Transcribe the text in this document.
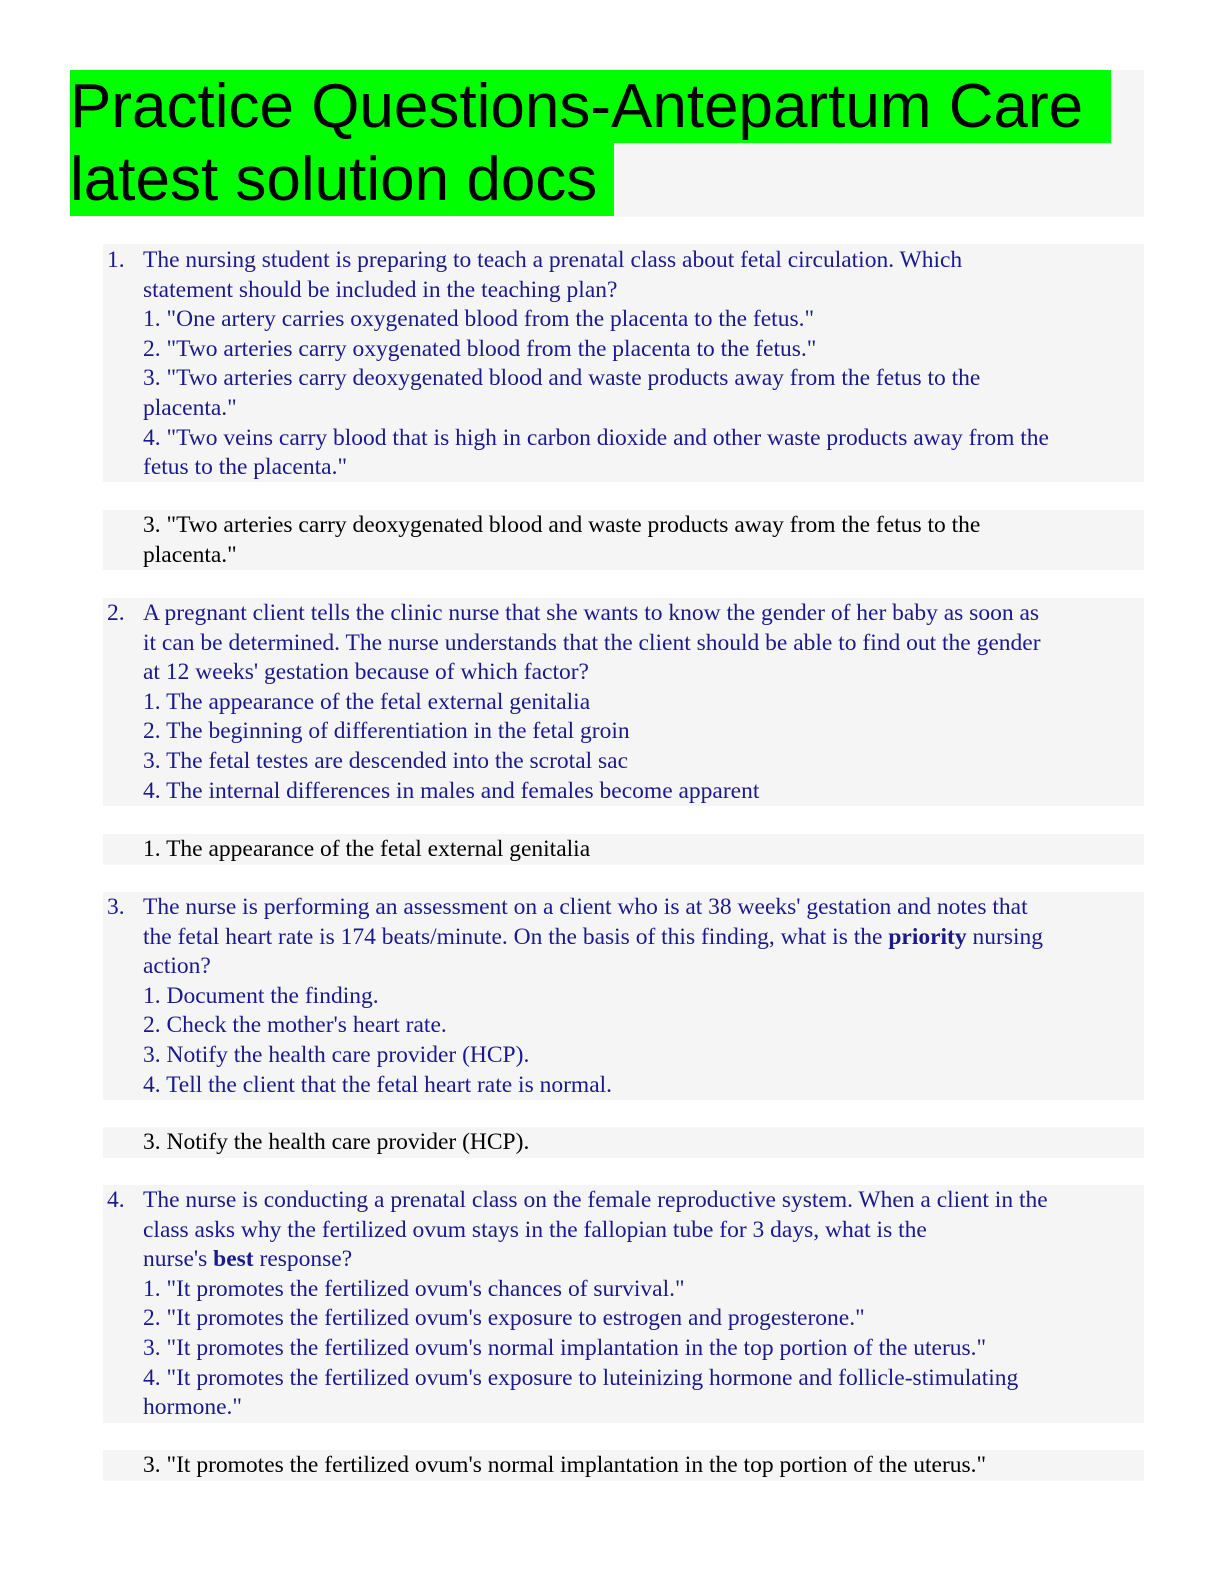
Practice Questions-Antepartum Care
latest solution docs
1. The nursing student is preparing to teach a prenatal class about fetal circulation. Which
statement should be included in the teaching plan?
1. "One artery carries oxygenated blood from the placenta to the fetus."
2. "Two arteries carry oxygenated blood from the placenta to the fetus."
3. "Two arteries carry deoxygenated blood and waste products away from the fetus to the
placenta."
4. "Two veins carry blood that is high in carbon dioxide and other waste products away from the
fetus to the placenta."
3. "Two arteries carry deoxygenated blood and waste products away from the fetus to the
placenta."
2. A pregnant client tells the clinic nurse that she wants to know the gender of her baby as soon as
it can be determined. The nurse understands that the client should be able to find out the gender
at 12 weeks' gestation because of which factor?
1. The appearance of the fetal external genitalia
2. The beginning of differentiation in the fetal groin
3. The fetal testes are descended into the scrotal sac
4. The internal differences in males and females become apparent
1. The appearance of the fetal external genitalia
3. The nurse is performing an assessment on a client who is at 38 weeks' gestation and notes that
the fetal heart rate is 174 beats/minute. On the basis of this finding, what is the priority nursing
action?
1. Document the finding.
2. Check the mother's heart rate.
3. Notify the health care provider (HCP).
4. Tell the client that the fetal heart rate is normal.
3. Notify the health care provider (HCP).
4. The nurse is conducting a prenatal class on the female reproductive system. When a client in the
class asks why the fertilized ovum stays in the fallopian tube for 3 days, what is the
nurse's best response?
1. "It promotes the fertilized ovum's chances of survival."
2. "It promotes the fertilized ovum's exposure to estrogen and progesterone."
3. "It promotes the fertilized ovum's normal implantation in the top portion of the uterus."
4. "It promotes the fertilized ovum's exposure to luteinizing hormone and follicle-stimulating
hormone."
3. "It promotes the fertilized ovum's normal implantation in the top portion of the uterus."
